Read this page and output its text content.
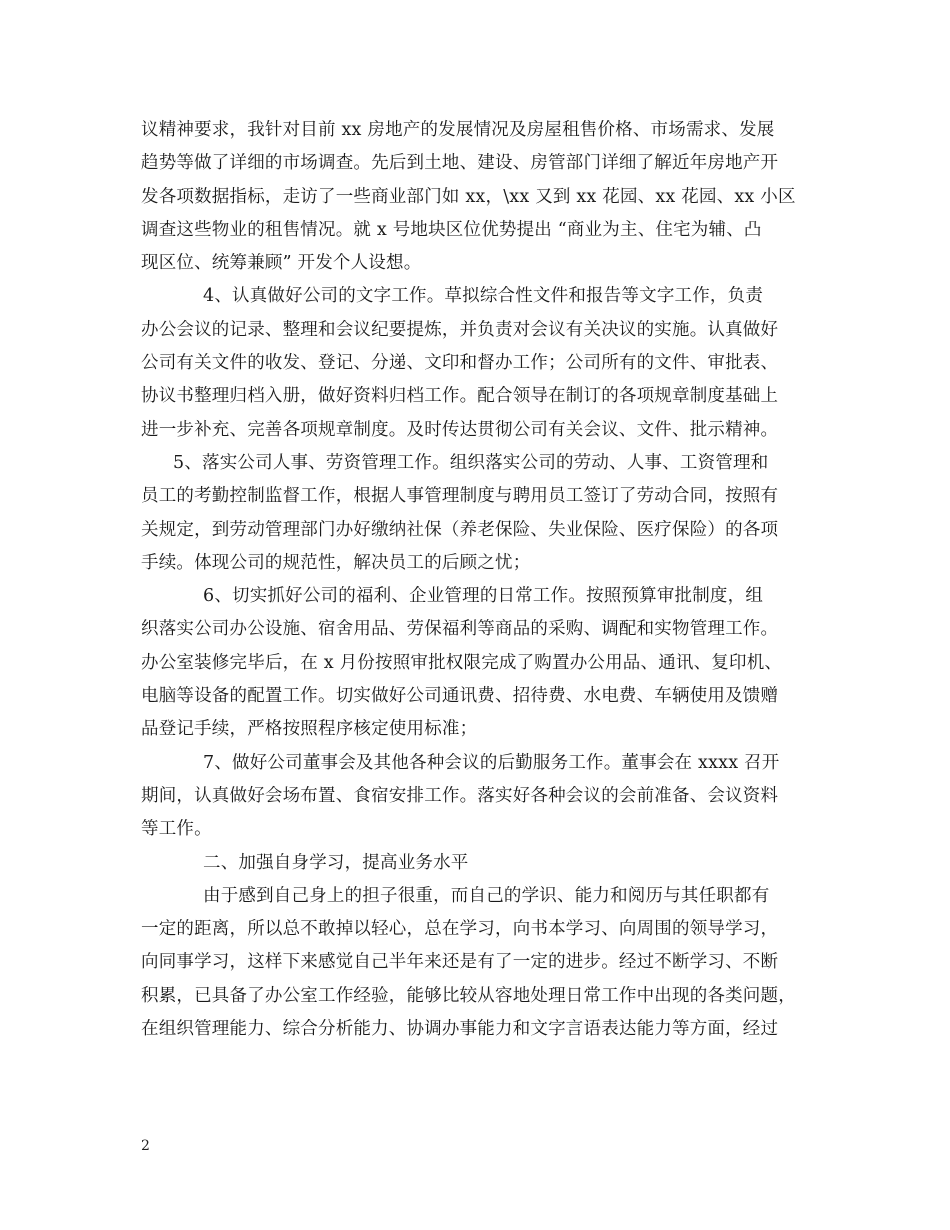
议精神要求，我针对目前 xx 房地产的发展情况及房屋租售价格、市场需求、发展
趋势等做了详细的市场调查。先后到土地、建设、房管部门详细了解近年房地产开
发各项数据指标，走访了一些商业部门如 xx，\xx 又到 xx 花园、xx 花园、xx 小区
调查这些物业的租售情况。就 x 号地块区位优势提出 “商业为主、住宅为辅、凸
现区位、统筹兼顾” 开发个人设想。

4、认真做好公司的文字工作。草拟综合性文件和报告等文字工作，负责
办公会议的记录、整理和会议纪要提炼，并负责对会议有关决议的实施。认真做好
公司有关文件的收发、登记、分递、文印和督办工作；公司所有的文件、审批表、
协议书整理归档入册，做好资料归档工作。配合领导在制订的各项规章制度基础上
进一步补充、完善各项规章制度。及时传达贯彻公司有关会议、文件、批示精神。

5、落实公司人事、劳资管理工作。组织落实公司的劳动、人事、工资管理和
员工的考勤控制监督工作，根据人事管理制度与聘用员工签订了劳动合同，按照有
关规定，到劳动管理部门办好缴纳社保（养老保险、失业保险、医疗保险）的各项
手续。体现公司的规范性，解决员工的后顾之忧；

6、切实抓好公司的福利、企业管理的日常工作。按照预算审批制度，组
织落实公司办公设施、宿舍用品、劳保福利等商品的采购、调配和实物管理工作。
办公室装修完毕后，在 x 月份按照审批权限完成了购置办公用品、通讯、复印机、
电脑等设备的配置工作。切实做好公司通讯费、招待费、水电费、车辆使用及馈赠
品登记手续，严格按照程序核定使用标准；

7、做好公司董事会及其他各种会议的后勤服务工作。董事会在 xxxx 召开
期间，认真做好会场布置、食宿安排工作。落实好各种会议的会前准备、会议资料
等工作。

二、加强自身学习，提高业务水平

由于感到自己身上的担子很重，而自己的学识、能力和阅历与其任职都有
一定的距离，所以总不敢掉以轻心，总在学习，向书本学习、向周围的领导学习，
向同事学习，这样下来感觉自己半年来还是有了一定的进步。经过不断学习、不断
积累，已具备了办公室工作经验，能够比较从容地处理日常工作中出现的各类问题，
在组织管理能力、综合分析能力、协调办事能力和文字言语表达能力等方面，经过

2
